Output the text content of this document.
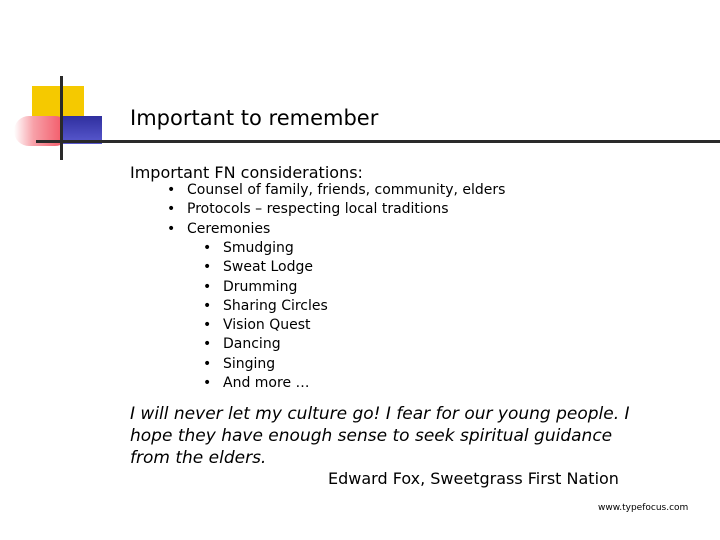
Important to remember
Important FN considerations:
• Counsel of family, friends, community, elders
• Protocols – respecting local traditions
• Ceremonies
• Smudging
• Sweat Lodge
• Drumming
• Sharing Circles
• Vision Quest
• Dancing
• Singing
• And more …
I will never let my culture go! I fear for our young people. I hope they have enough sense to seek spiritual guidance from the elders.
Edward Fox, Sweetgrass First Nation
www.typefocus.com
